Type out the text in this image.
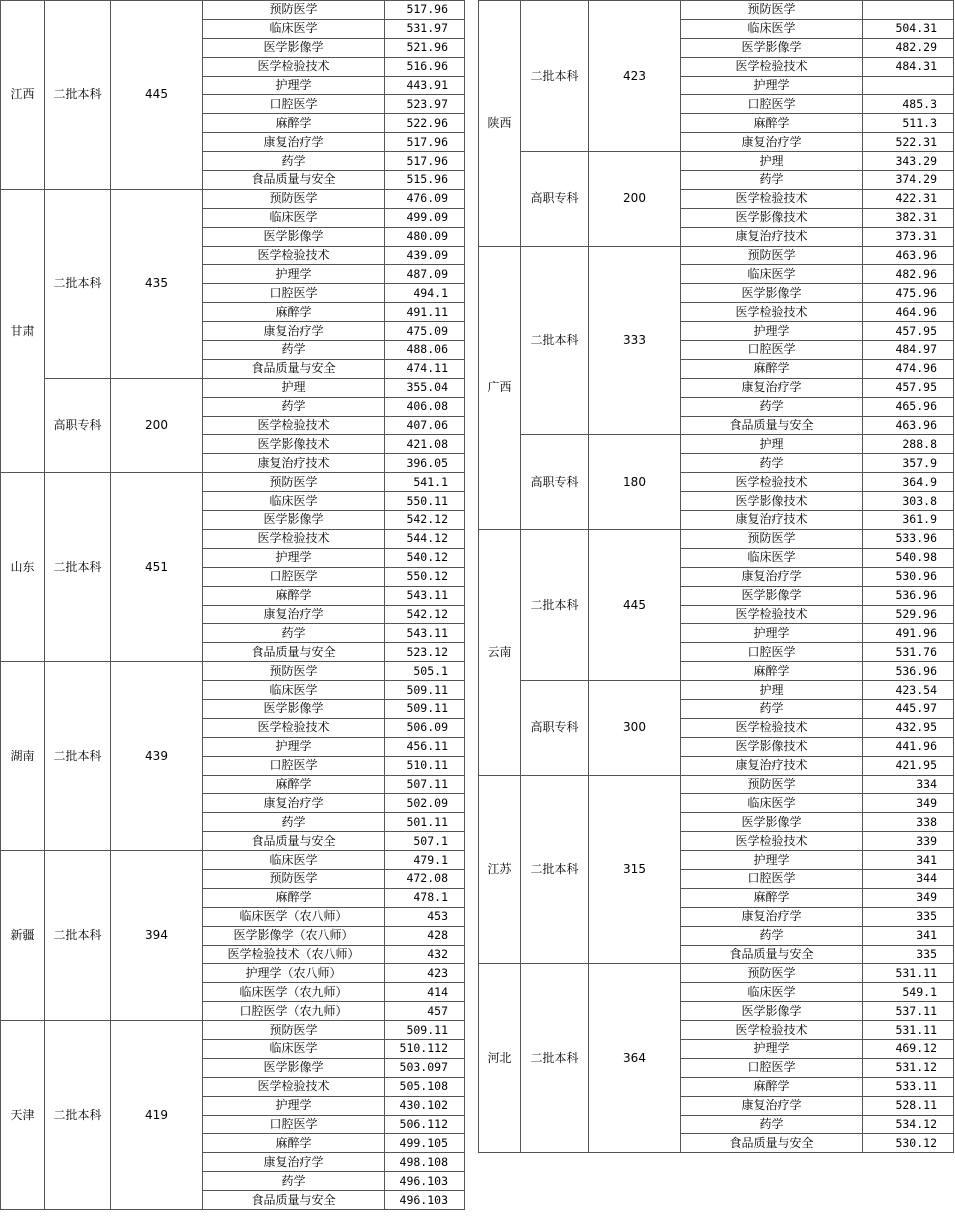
江西	二批本科	445	预防医学	517.96
			临床医学	531.97
			医学影像学	521.96
			医学检验技术	516.96
			护理学	443.91
			口腔医学	523.97
			麻醉学	522.96
			康复治疗学	517.96
			药学	517.96
			食品质量与安全	515.96
甘肃	二批本科	435	预防医学	476.09
			临床医学	499.09
			医学影像学	480.09
			医学检验技术	439.09
			护理学	487.09
			口腔医学	494.1
			麻醉学	491.11
			康复治疗学	475.09
			药学	488.06
			食品质量与安全	474.11
	高职专科	200	护理	355.04
			药学	406.08
			医学检验技术	407.06
			医学影像技术	421.08
			康复治疗技术	396.05
山东	二批本科	451	预防医学	541.1
			临床医学	550.11
			医学影像学	542.12
			医学检验技术	544.12
			护理学	540.12
			口腔医学	550.12
			麻醉学	543.11
			康复治疗学	542.12
			药学	543.11
			食品质量与安全	523.12
湖南	二批本科	439	预防医学	505.1
			临床医学	509.11
			医学影像学	509.11
			医学检验技术	506.09
			护理学	456.11
			口腔医学	510.11
			麻醉学	507.11
			康复治疗学	502.09
			药学	501.11
			食品质量与安全	507.1
新疆	二批本科	394	临床医学	479.1
			预防医学	472.08
			麻醉学	478.1
			临床医学（农八师）	453
			医学影像学（农八师）	428
			医学检验技术（农八师）	432
			护理学（农八师）	423
			临床医学（农九师）	414
			口腔医学（农九师）	457
天津	二批本科	419	预防医学	509.11
			临床医学	510.112
			医学影像学	503.097
			医学检验技术	505.108
			护理学	430.102
			口腔医学	506.112
			麻醉学	499.105
			康复治疗学	498.108
			药学	496.103
			食品质量与安全	496.103
陕西	二批本科	423	预防医学	
			临床医学	504.31
			医学影像学	482.29
			医学检验技术	484.31
			护理学	
			口腔医学	485.3
			麻醉学	511.3
			康复治疗学	522.31
	高职专科	200	护理	343.29
			药学	374.29
			医学检验技术	422.31
			医学影像技术	382.31
			康复治疗技术	373.31
广西	二批本科	333	预防医学	463.96
			临床医学	482.96
			医学影像学	475.96
			医学检验技术	464.96
			护理学	457.95
			口腔医学	484.97
			麻醉学	474.96
			康复治疗学	457.95
			药学	465.96
			食品质量与安全	463.96
	高职专科	180	护理	288.8
			药学	357.9
			医学检验技术	364.9
			医学影像技术	303.8
			康复治疗技术	361.9
云南	二批本科	445	预防医学	533.96
			临床医学	540.98
			康复治疗学	530.96
			医学影像学	536.96
			医学检验技术	529.96
			护理学	491.96
			口腔医学	531.76
			麻醉学	536.96
	高职专科	300	护理	423.54
			药学	445.97
			医学检验技术	432.95
			医学影像技术	441.96
			康复治疗技术	421.95
江苏	二批本科	315	预防医学	334
			临床医学	349
			医学影像学	338
			医学检验技术	339
			护理学	341
			口腔医学	344
			麻醉学	349
			康复治疗学	335
			药学	341
			食品质量与安全	335
河北	二批本科	364	预防医学	531.11
			临床医学	549.1
			医学影像学	537.11
			医学检验技术	531.11
			护理学	469.12
			口腔医学	531.12
			麻醉学	533.11
			康复治疗学	528.11
			药学	534.12
			食品质量与安全	530.12
